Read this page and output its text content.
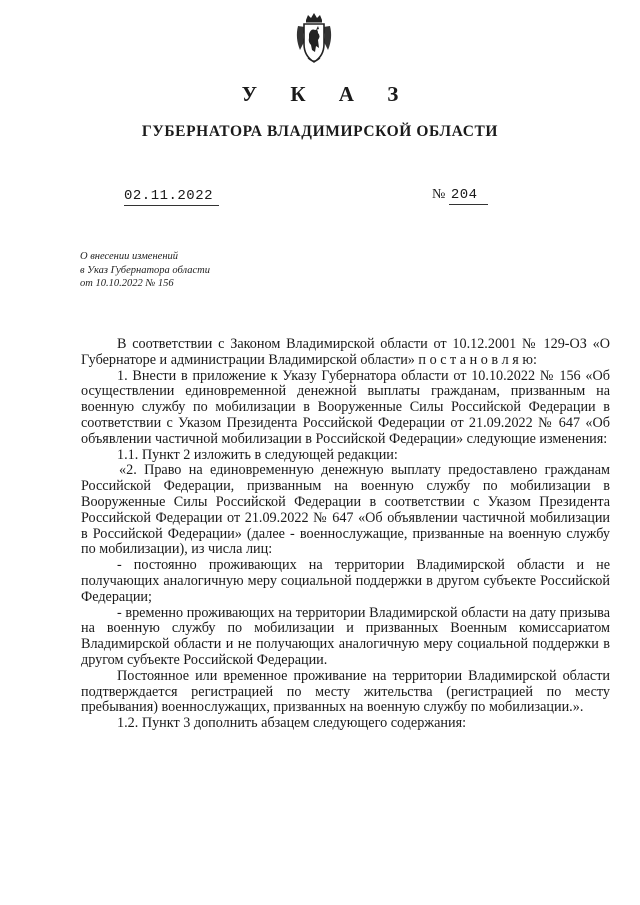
У К А З
ГУБЕРНАТОРА ВЛАДИМИРСКОЙ ОБЛАСТИ
02.11.2022	№ 204
О внесении изменений
в Указ Губернатора области
от 10.10.2022 № 156

В соответствии с Законом Владимирской области от 10.12.2001 № 129-ОЗ «О Губернаторе и администрации Владимирской области» п о с т а н о в л я ю:

1. Внести в приложение к Указу Губернатора области от 10.10.2022 № 156 «Об осуществлении единовременной денежной выплаты гражданам, призванным на военную службу по мобилизации в Вооруженные Силы Российской Федерации в соответствии с Указом Президента Российской Федерации от 21.09.2022 № 647 «Об объявлении частичной мобилизации в Российской Федерации» следующие изменения:

1.1. Пункт 2 изложить в следующей редакции:

«2. Право на единовременную денежную выплату предоставлено гражданам Российской Федерации, призванным на военную службу по мобилизации в Вооруженные Силы Российской Федерации в соответствии с Указом Президента Российской Федерации от 21.09.2022 № 647 «Об объявлении частичной мобилизации в Российской Федерации» (далее - военнослужащие, призванные на военную службу по мобилизации), из числа лиц:

- постоянно проживающих на территории Владимирской области и не получающих аналогичную меру социальной поддержки в другом субъекте Российской Федерации;

- временно проживающих на территории Владимирской области на дату призыва на военную службу по мобилизации и призванных Военным комиссариатом Владимирской области и не получающих аналогичную меру социальной поддержки в другом субъекте Российской Федерации.

Постоянное или временное проживание на территории Владимирской области подтверждается регистрацией по месту жительства (регистрацией по месту пребывания) военнослужащих, призванных на военную службу по мобилизации.».

1.2. Пункт 3 дополнить абзацем следующего содержания:
